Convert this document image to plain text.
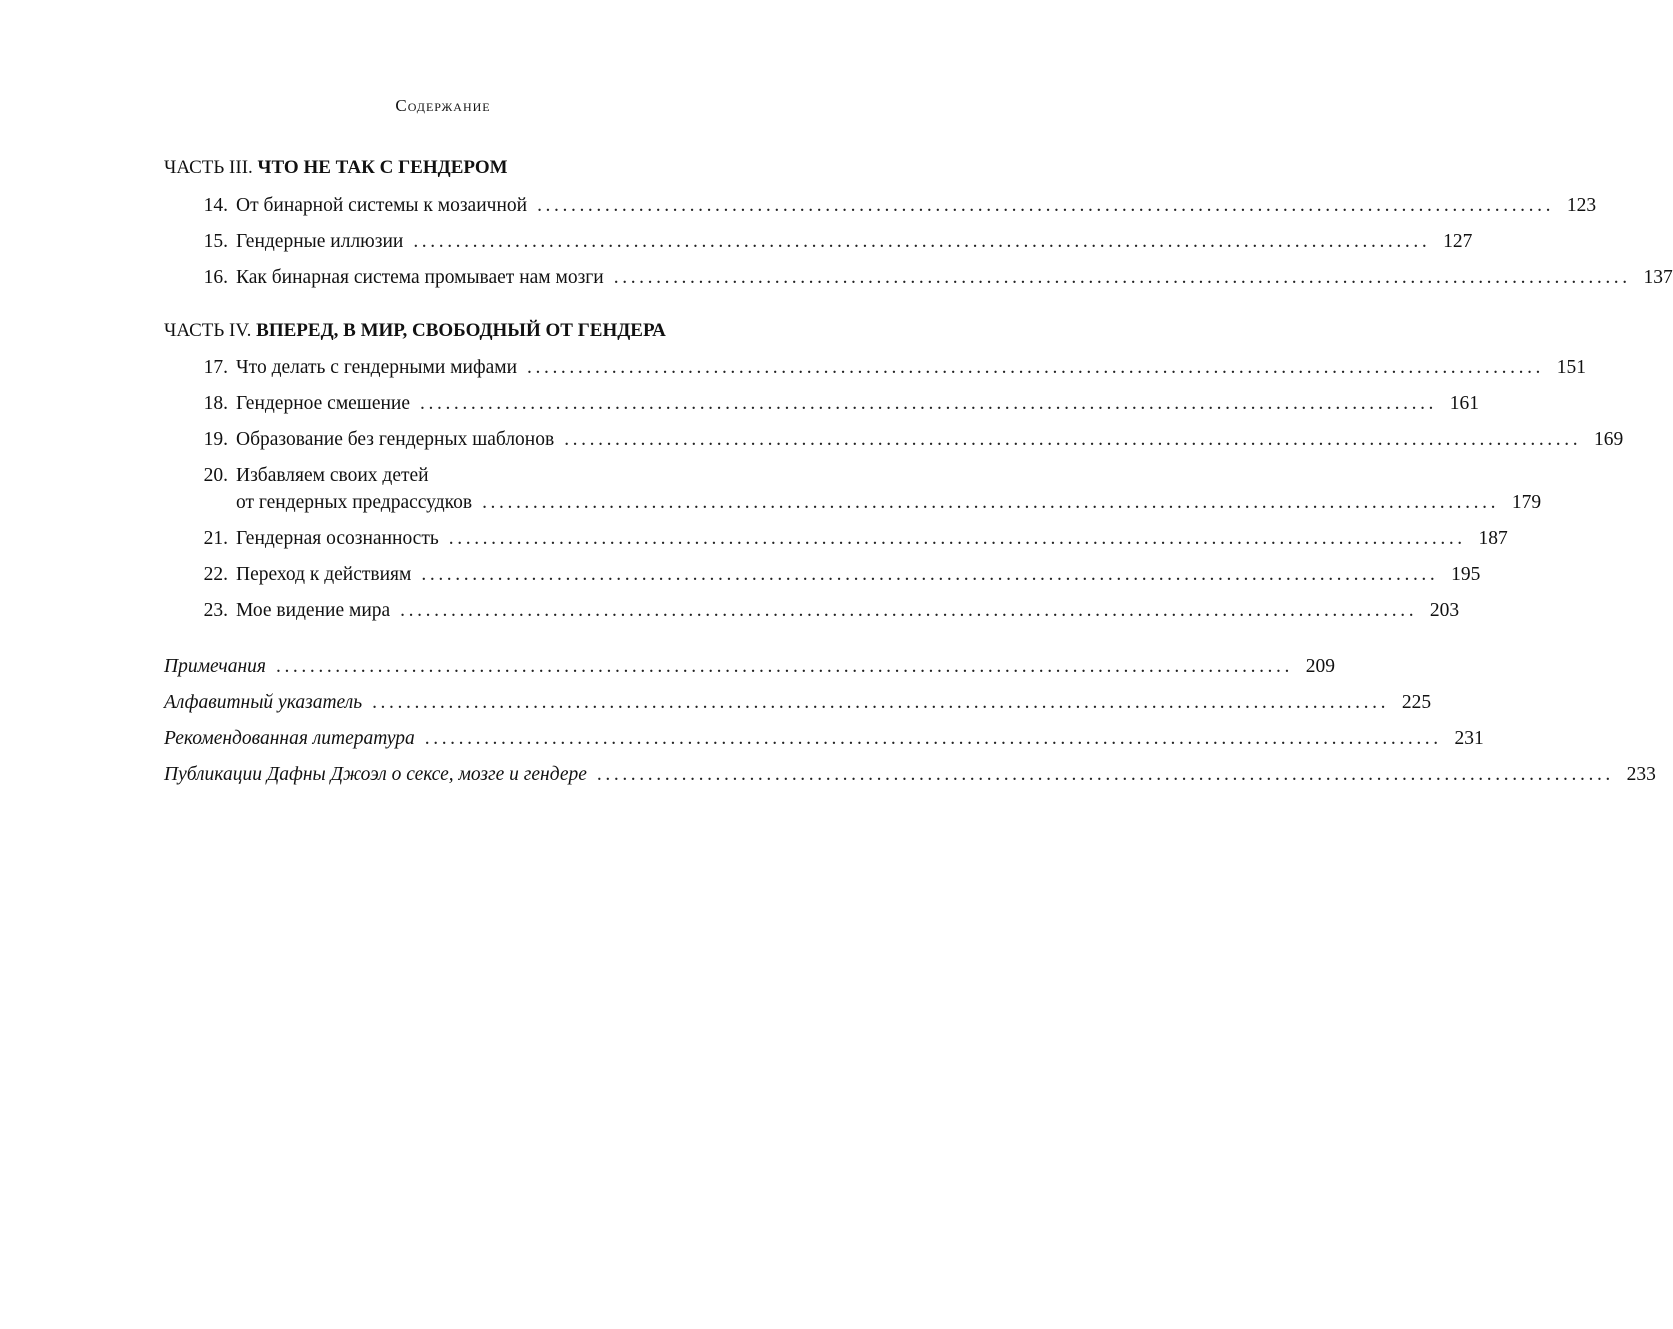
Содержание
ЧАСТЬ III. ЧТО НЕ ТАК С ГЕНДЕРОМ
14. От бинарной системы к мозаичной ........................................................................................................................ 123
15. Гендерные иллюзии ........................................................................................................................ 127
16. Как бинарная система промывает нам мозги ........................................................................................................................ 137
ЧАСТЬ IV. ВПЕРЕД, В МИР, СВОБОДНЫЙ ОТ ГЕНДЕРА
17. Что делать с гендерными мифами ........................................................................................................................ 151
18. Гендерное смешение ........................................................................................................................ 161
19. Образование без гендерных шаблонов ........................................................................................................................ 169
20. Избавляем своих детей
от гендерных предрассудков ........................................................................................................................ 179
21. Гендерная осознанность ........................................................................................................................ 187
22. Переход к действиям ........................................................................................................................ 195
23. Мое видение мира ........................................................................................................................ 203
Примечания ........................................................................................................................ 209
Алфавитный указатель ........................................................................................................................ 225
Рекомендованная литература ........................................................................................................................ 231
Публикации Дафны Джоэл о сексе, мозге и гендере ........................................................................................................................ 233
